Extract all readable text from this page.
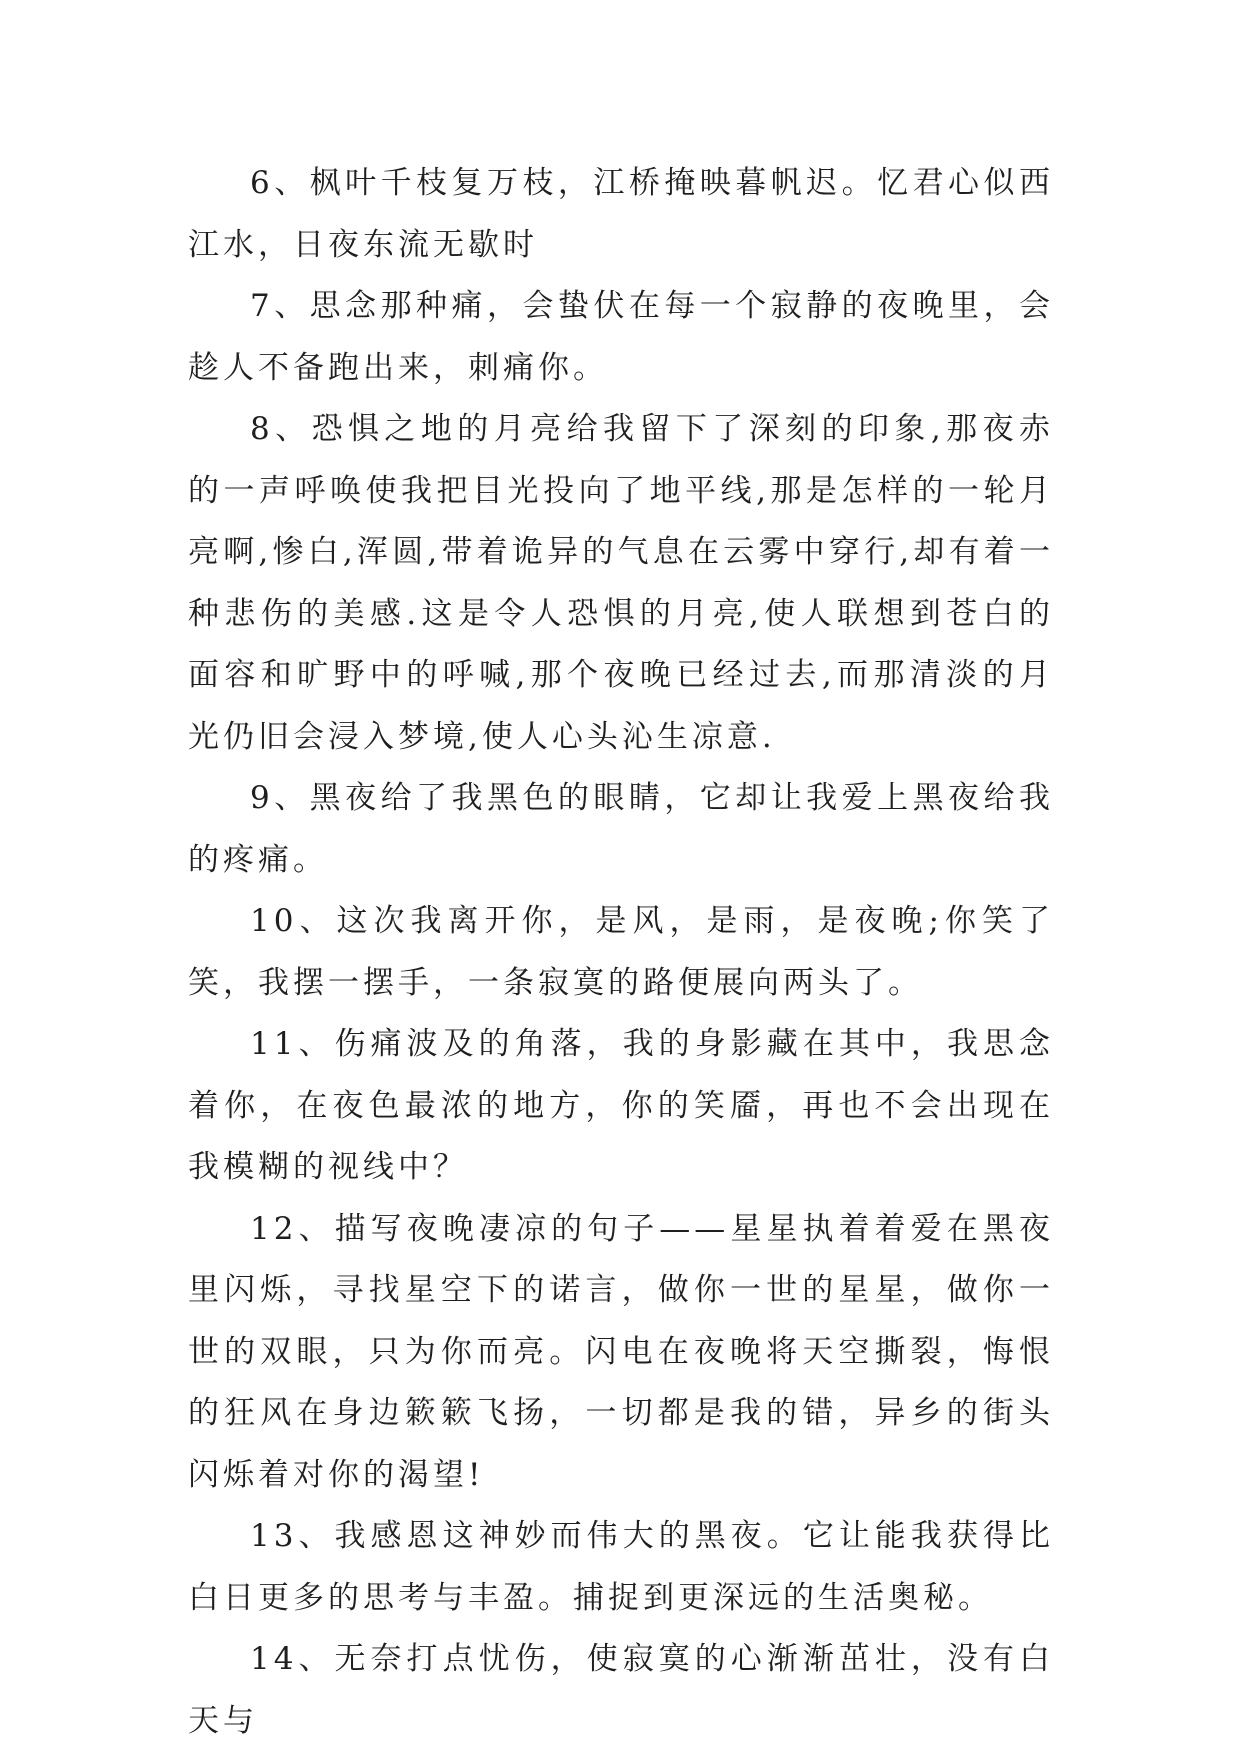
6、枫叶千枝复万枝，江桥掩映暮帆迟。忆君心似西江水，日夜东流无歇时

7、思念那种痛，会蛰伏在每一个寂静的夜晚里，会趁人不备跑出来，刺痛你。

8、恐惧之地的月亮给我留下了深刻的印象,那夜赤的一声呼唤使我把目光投向了地平线,那是怎样的一轮月亮啊,惨白,浑圆,带着诡异的气息在云雾中穿行,却有着一种悲伤的美感.这是令人恐惧的月亮,使人联想到苍白的面容和旷野中的呼喊,那个夜晚已经过去,而那清淡的月光仍旧会浸入梦境,使人心头沁生凉意.

9、黑夜给了我黑色的眼睛，它却让我爱上黑夜给我的疼痛。

10、这次我离开你，是风，是雨，是夜晚;你笑了笑，我摆一摆手，一条寂寞的路便展向两头了。

11、伤痛波及的角落，我的身影藏在其中，我思念着你，在夜色最浓的地方，你的笑靥，再也不会出现在我模糊的视线中？

12、描写夜晚凄凉的句子——星星执着着爱在黑夜里闪烁，寻找星空下的诺言，做你一世的星星，做你一世的双眼，只为你而亮。闪电在夜晚将天空撕裂，悔恨的狂风在身边簌簌飞扬，一切都是我的错，异乡的街头闪烁着对你的渴望!

13、我感恩这神妙而伟大的黑夜。它让能我获得比白日更多的思考与丰盈。捕捉到更深远的生活奥秘。

14、无奈打点忧伤，使寂寞的心渐渐茁壮，没有白天与
